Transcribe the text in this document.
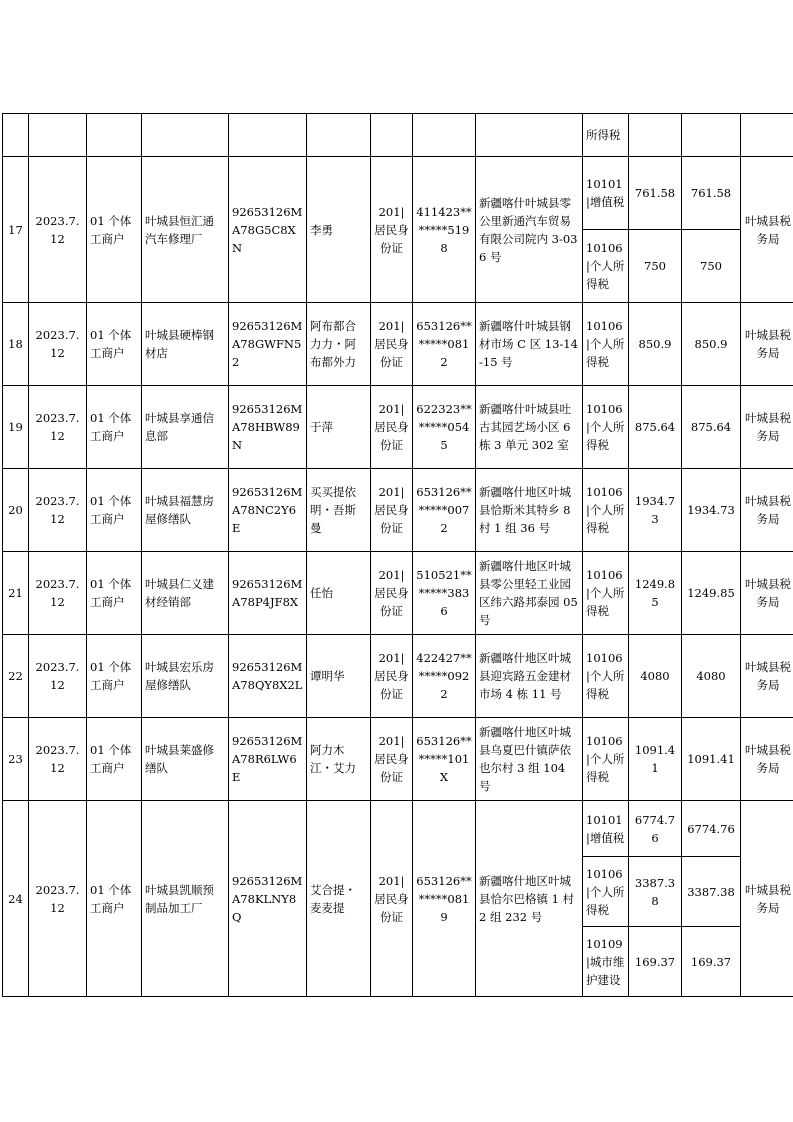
									所得税			
17	2023.7.12	01 个体工商户	叶城县恒汇通汽车修理厂	92653126MA78G5C8XN	李勇	201|居民身份证	411423*******5198	新疆喀什叶城县零公里新通汽车贸易有限公司院内 3-036 号	10101|增值税	761.58	761.58	叶城县税务局
									10106|个人所得税	750	750	
18	2023.7.12	01 个体工商户	叶城县硬棒钢材店	92653126MA78GWFN52	阿布都合力力・阿布都外力	201|居民身份证	653126*******0812	新疆喀什叶城县钢材市场 C 区 13-14-15 号	10106|个人所得税	850.9	850.9	叶城县税务局
19	2023.7.12	01 个体工商户	叶城县享通信息部	92653126MA78HBW89N	于萍	201|居民身份证	622323*******0545	新疆喀什叶城县吐古其园艺场小区 6 栋 3 单元 302 室	10106|个人所得税	875.64	875.64	叶城县税务局
20	2023.7.12	01 个体工商户	叶城县福慧房屋修缮队	92653126MA78NC2Y6E	买买提依明・吾斯曼	201|居民身份证	653126*******0072	新疆喀什地区叶城县恰斯米其特乡 8 村 1 组 36 号	10106|个人所得税	1934.73	1934.73	叶城县税务局
21	2023.7.12	01 个体工商户	叶城县仁义建材经销部	92653126MA78P4JF8X	任怡	201|居民身份证	510521*******3836	新疆喀什地区叶城县零公里轻工业园区纬六路邦泰园 05 号	10106|个人所得税	1249.85	1249.85	叶城县税务局
22	2023.7.12	01 个体工商户	叶城县宏乐房屋修缮队	92653126MA78QY8X2L	谭明华	201|居民身份证	422427*******0922	新疆喀什地区叶城县迎宾路五金建材市场 4 栋 11 号	10106|个人所得税	4080	4080	叶城县税务局
23	2023.7.12	01 个体工商户	叶城县莱盛修缮队	92653126MA78R6LW6E	阿力木江・艾力	201|居民身份证	653126*******101X	新疆喀什地区叶城县乌夏巴什镇萨依也尔村 3 组 104 号	10106|个人所得税	1091.41	1091.41	叶城县税务局
24	2023.7.12	01 个体工商户	叶城县凯顺预制品加工厂	92653126MA78KLNY8Q	艾合提・麦麦提	201|居民身份证	653126*******0819	新疆喀什地区叶城县恰尔巴格镇 1 村 2 组 232 号	10101|增值税	6774.76	6774.76	叶城县税务局
									10106|个人所得税	3387.38	3387.38	
									10109|城市维护建设	169.37	169.37	
